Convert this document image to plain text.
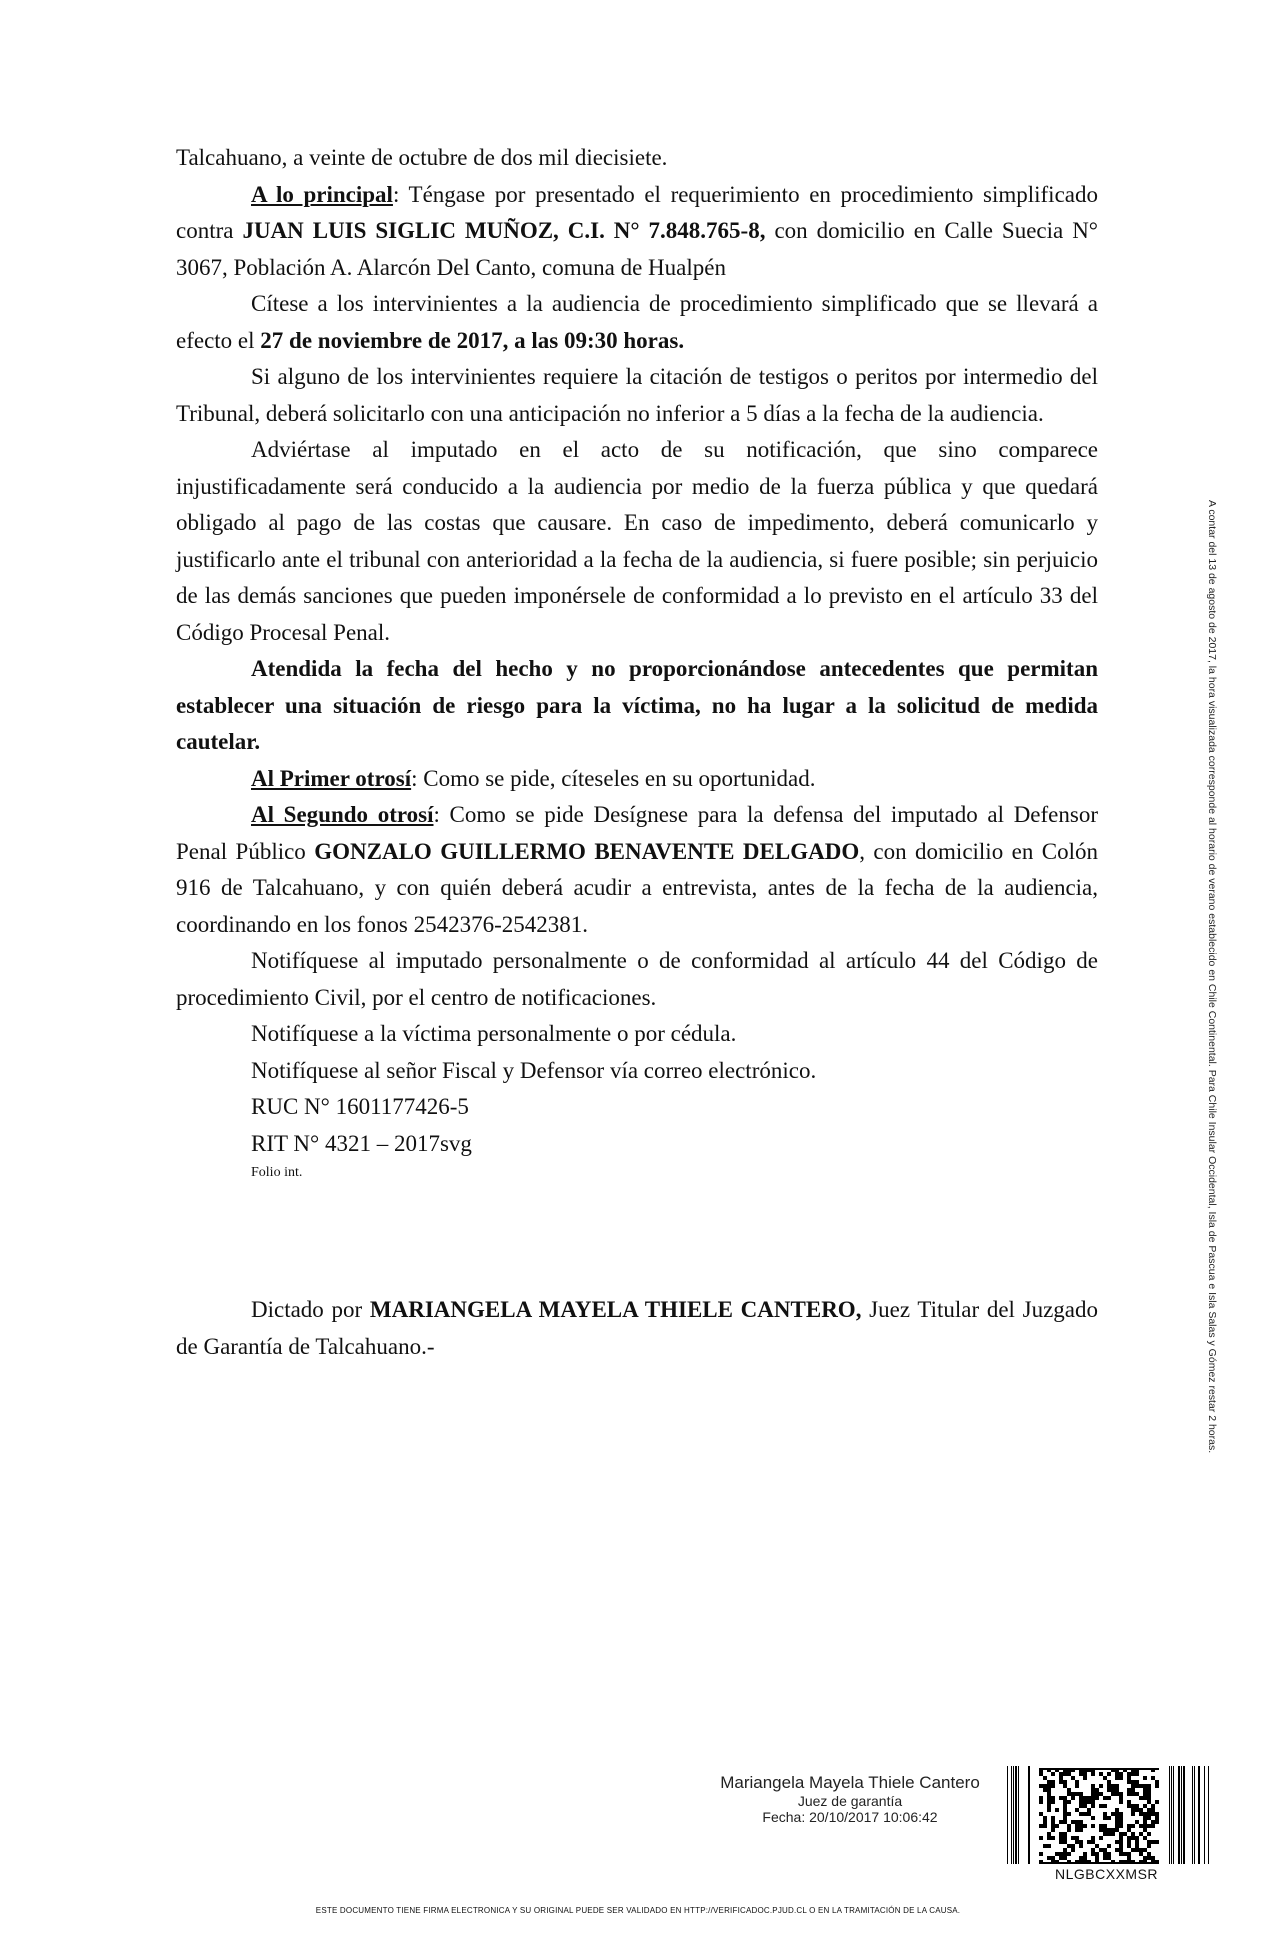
Talcahuano, a veinte de octubre de dos mil diecisiete.

A lo principal: Téngase por presentado el requerimiento en procedimiento simplificado contra JUAN LUIS SIGLIC MUÑOZ, C.I. N° 7.848.765-8, con domicilio en Calle Suecia N° 3067, Población A. Alarcón Del Canto, comuna de Hualpén

Cítese a los intervinientes a la audiencia de procedimiento simplificado que se llevará a efecto el 27 de noviembre de 2017, a las 09:30 horas.

Si alguno de los intervinientes requiere la citación de testigos o peritos por intermedio del Tribunal, deberá solicitarlo con una anticipación no inferior a 5 días a la fecha de la audiencia.

Adviértase al imputado en el acto de su notificación, que sino comparece injustificadamente será conducido a la audiencia por medio de la fuerza pública y que quedará obligado al pago de las costas que causare. En caso de impedimento, deberá comunicarlo y justificarlo ante el tribunal con anterioridad a la fecha de la audiencia, si fuere posible; sin perjuicio de las demás sanciones que pueden imponérsele de conformidad a lo previsto en el artículo 33 del Código Procesal Penal.

Atendida la fecha del hecho y no proporcionándose antecedentes que permitan establecer una situación de riesgo para la víctima, no ha lugar a la solicitud de medida cautelar.

Al Primer otrosí: Como se pide, cíteseles en su oportunidad.

Al Segundo otrosí: Como se pide Desígnese para la defensa del imputado al Defensor Penal Público GONZALO GUILLERMO BENAVENTE DELGADO, con domicilio en Colón 916 de Talcahuano, y con quién deberá acudir a entrevista, antes de la fecha de la audiencia, coordinando en los fonos 2542376-2542381.

Notifíquese al imputado personalmente o de conformidad al artículo 44 del Código de procedimiento Civil, por el centro de notificaciones.

Notifíquese a la víctima personalmente o por cédula.
Notifíquese al señor Fiscal y Defensor vía correo electrónico.
RUC N° 1601177426-5
RIT N° 4321 – 2017svg
Folio int.

Dictado por MARIANGELA MAYELA THIELE CANTERO, Juez Titular del Juzgado de Garantía de Talcahuano.-	A contar del 13 de agosto de 2017, la hora visualizada corresponde al horario de verano establecido en Chile Continental. Para Chile Insular Occidental, Isla de Pascua e Isla Salas y Gómez restar 2 horas.
Mariangela Mayela Thiele Cantero
Juez de garantía
Fecha: 20/10/2017 10:06:42
NLGBCXXMSR
ESTE DOCUMENTO TIENE FIRMA ELECTRONICA Y SU ORIGINAL PUEDE SER VALIDADO EN HTTP://VERIFICADOC.PJUD.CL O EN LA TRAMITACIÓN DE LA CAUSA.
